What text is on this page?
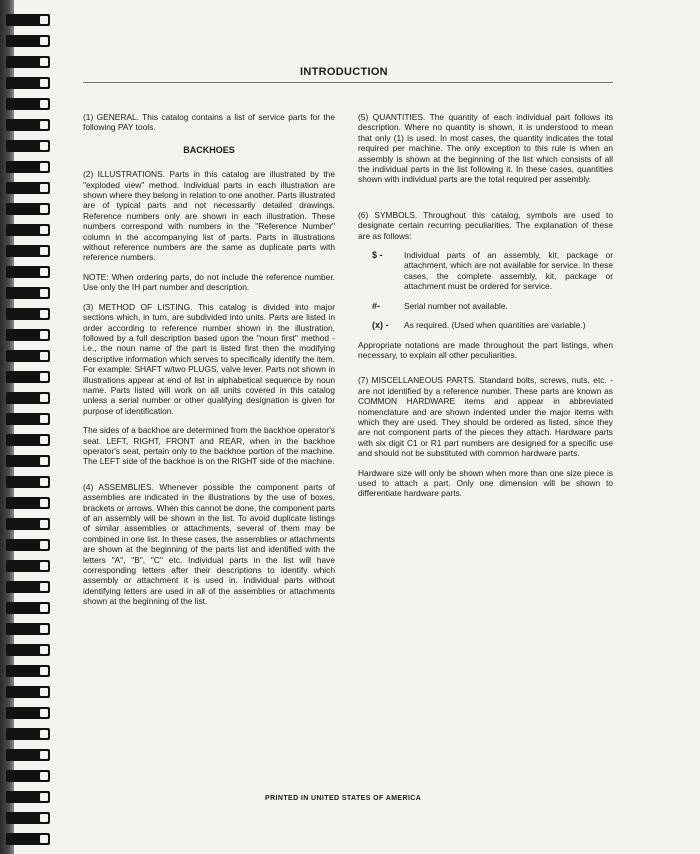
INTRODUCTION

(1) GENERAL. This catalog contains a list of service parts for the following PAY tools.

BACKHOES

(2) ILLUSTRATIONS. Parts in this catalog are illustrated by the "exploded view" method. Individual parts in each illustration are shown where they belong in relation to one another. Parts illustrated are of typical parts and not necessarily detailed drawings. Reference numbers only are shown in each illustration. These numbers correspond with numbers in the "Reference Number" column in the accompanying list of parts. Parts in illustrations without reference numbers are the same as duplicate parts with reference numbers.

NOTE: When ordering parts, do not include the reference number. Use only the IH part number and description.

(3) METHOD OF LISTING. This catalog is divided into major sections which, in turn, are subdivided into units. Parts are listed in order according to reference number shown in the illustration, followed by a full description based upon the "noun first" method - i.e., the noun name of the part is listed first then the modifying descriptive information which serves to specifically identify the item. For example: SHAFT w/two PLUGS, valve lever. Parts not shown in illustrations appear at end of list in alphabetical sequence by noun name. Parts listed will work on all units covered in this catalog unless a serial number or other qualifying designation is given for purpose of identification.

The sides of a backhoe are determined from the backhoe operator's seat. LEFT, RIGHT, FRONT and REAR, when in the backhoe operator's seat, pertain only to the backhoe portion of the machine. The LEFT side of the backhoe is on the RIGHT side of the machine.

(4) ASSEMBLIES. Whenever possible the component parts of assemblies are indicated in the illustrations by the use of boxes, brackets or arrows. When this cannot be done, the component parts of an assembly will be shown in the list. To avoid duplicate listings of similar assemblies or attachments, several of them may be combined in one list. In these cases, the assemblies or attachments are shown at the beginning of the parts list and identified with the letters "A", "B", "C" etc. Individual parts in the list will have corresponding letters after their descriptions to identify which assembly or attachment it is used in. Individual parts without identifying letters are used in all of the assemblies or attachments shown at the beginning of the list.

(5) QUANTITIES. The quantity of each individual part follows its description. Where no quantity is shown, it is understood to mean that only (1) is used. In most cases, the quantity indicates the total required per machine. The only exception to this rule is when an assembly is shown at the beginning of the list which consists of all the individual parts in the list following it. In these cases, quantities shown with individual parts are the total required per assembly.

(6) SYMBOLS. Throughout this catalog, symbols are used to designate certain recurring peculiarities. The explanation of these are as follows:

$ -	Individual parts of an assembly, kit, package or attachment, which are not available for service. In these cases, the complete assembly, kit, package or attachment must be ordered for service.
#-	Serial number not available.
(x) -	As required. (Used when quantities are variable.)

Appropriate notations are made throughout the part listings, when necessary, to explain all other peculiarities.

(7) MISCELLANEOUS PARTS. Standard bolts, screws, nuts, etc. - are not identified by a reference number. These parts are known as COMMON HARDWARE items and appear in abbreviated nomenclature and are shown indented under the major items with which they are used. They should be ordered as listed, since they are not component parts of the pieces they attach. Hardware parts with six digit C1 or R1 part numbers are designed for a specific use and should not be substituted with common hardware parts.

Hardware size will only be shown when more than one size piece is used to attach a part. Only one dimension will be shown to differentiate hardware parts.

PRINTED IN UNITED STATES OF AMERICA
